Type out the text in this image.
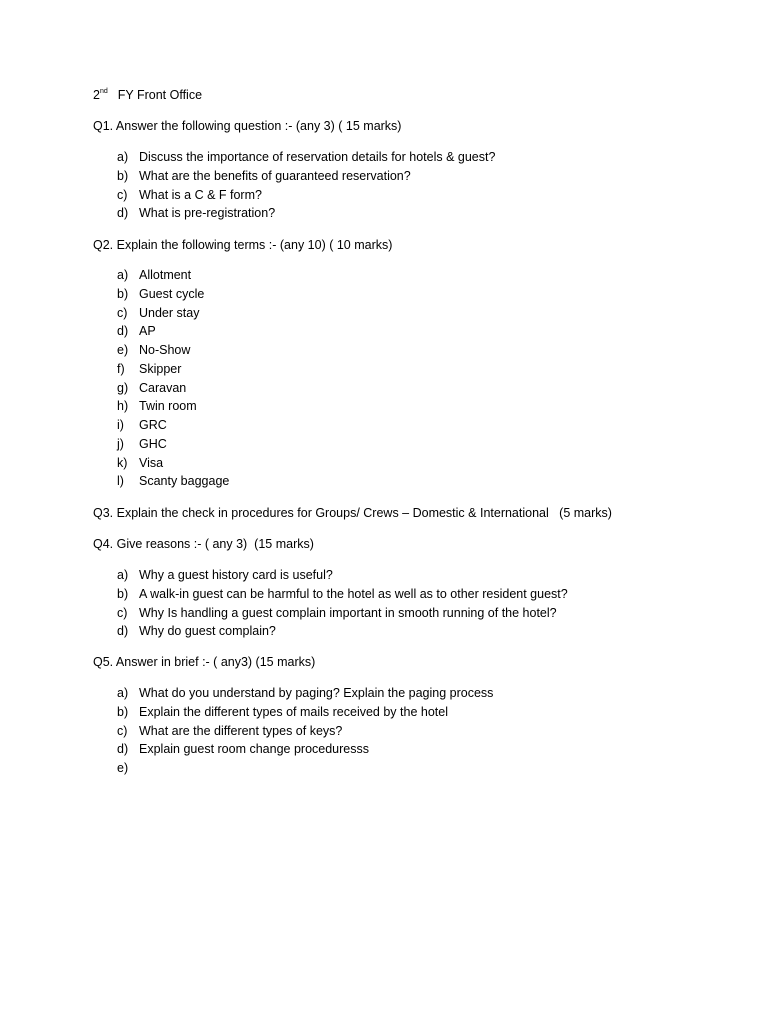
2nd FY Front Office
Q1. Answer the following question :- (any 3) ( 15 marks)
a) Discuss the importance of reservation details for hotels & guest?
b) What are the benefits of guaranteed reservation?
c) What is a C & F form?
d) What is pre-registration?
Q2. Explain the following terms :- (any 10) ( 10 marks)
a) Allotment
b) Guest cycle
c) Under stay
d) AP
e) No-Show
f) Skipper
g) Caravan
h) Twin room
i) GRC
j) GHC
k) Visa
l) Scanty baggage
Q3. Explain the check in procedures for Groups/ Crews – Domestic & International   (5 marks)
Q4. Give reasons :- ( any 3)  (15 marks)
a) Why a guest history card is useful?
b) A walk-in guest can be harmful to the hotel as well as to other resident guest?
c) Why Is handling a guest complain important in smooth running of the hotel?
d) Why do guest complain?
Q5. Answer in brief :- ( any3) (15 marks)
a) What do you understand by paging? Explain the paging process
b) Explain the different types of mails received by the hotel
c) What are the different types of keys?
d) Explain guest room change proceduresss
e)
